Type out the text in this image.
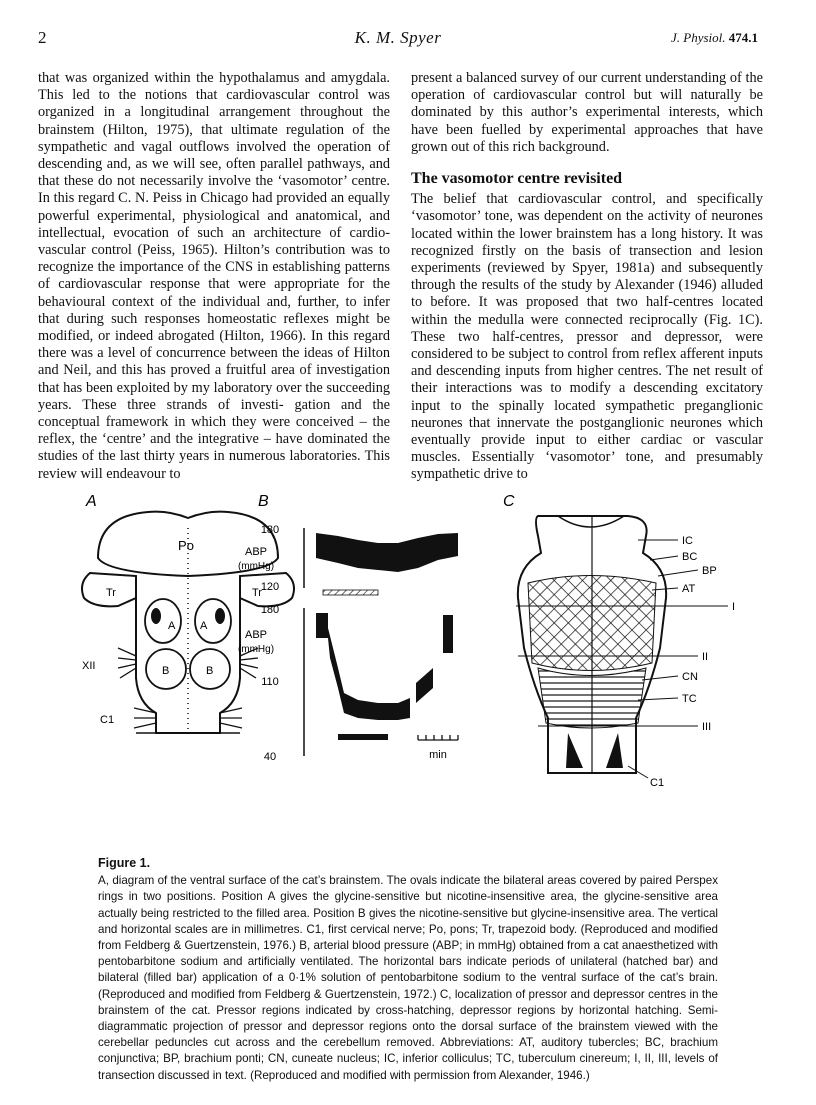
2	K. M. Spyer	J. Physiol. 474.1

that was organized within the hypothalamus and amygdala. This led to the notions that cardiovascular control was organized in a longitudinal arrangement throughout the brainstem (Hilton, 1975), that ultimate regulation of the sympathetic and vagal outflows involved the operation of descending and, as we will see, often parallel pathways, and that these do not necessarily involve the ‘vasomotor’ centre. In this regard C. N. Peiss in Chicago had provided an equally powerful experimental, physiological and anatomical, and intellectual, evocation of such an architecture of cardio- vascular control (Peiss, 1965). Hilton’s contribution was to recognize the importance of the CNS in establishing patterns of cardiovascular response that were appropriate for the behavioural context of the individual and, further, to infer that during such responses homeostatic reflexes might be modified, or indeed abrogated (Hilton, 1966). In this regard there was a level of concurrence between the ideas of Hilton and Neil, and this has proved a fruitful area of investigation that has been exploited by my laboratory over the succeeding years. These three strands of investi- gation and the conceptual framework in which they were conceived – the reflex, the ‘centre’ and the integrative – have dominated the studies of the last thirty years in numerous laboratories. This review will endeavour to

present a balanced survey of our current understanding of the operation of cardiovascular control but will naturally be dominated by this author’s experimental interests, which have been fuelled by experimental approaches that have grown out of this rich background.

The vasomotor centre revisited

The belief that cardiovascular control, and specifically ‘vasomotor’ tone, was dependent on the activity of neurones located within the lower brainstem has a long history. It was recognized firstly on the basis of transection and lesion experiments (reviewed by Spyer, 1981a) and subsequently through the results of the study by Alexander (1946) alluded to before. It was proposed that two half-centres located within the medulla were connected reciprocally (Fig. 1C). These two half-centres, pressor and depressor, were considered to be subject to control from reflex afferent inputs and descending inputs from higher centres. The net result of their interactions was to modify a descending excitatory input to the spinally located sympathetic preganglionic neurones that innervate the postganglionic neurones which eventually provide input to either cardiac or vascular muscles. Essentially ‘vasomotor’ tone, and presumably sympathetic drive to

A
Po
Tr	Tr
A A
B	B
XII
C1
B
180
120
ABP
(mmHg)
180
110
40
ABP
(mmHg)
min
C
IC
BC
BP
AT
I
II
CN
TC
III
C1
Figure 1.
A, diagram of the ventral surface of the cat’s brainstem. The ovals indicate the bilateral areas covered by paired Perspex rings in two positions. Position A gives the glycine-sensitive but nicotine-insensitive area, the glycine-sensitive area actually being restricted to the filled area. Position B gives the nicotine-sensitive but glycine-insensitive area. The vertical and horizontal scales are in millimetres. C1, first cervical nerve; Po, pons; Tr, trapezoid body. (Reproduced and modified from Feldberg & Guertzenstein, 1976.) B, arterial blood pressure (ABP; in mmHg) obtained from a cat anaesthetized with pentobarbitone sodium and artificially ventilated. The horizontal bars indicate periods of unilateral (hatched bar) and bilateral (filled bar) application of a 0·1% solution of pentobarbitone sodium to the ventral surface of the cat’s brain. (Reproduced and modified from Feldberg & Guertzenstein, 1972.) C, localization of pressor and depressor centres in the brainstem of the cat. Pressor regions indicated by cross-hatching, depressor regions by horizontal hatching. Semi-diagrammatic projection of pressor and depressor regions onto the dorsal surface of the brainstem viewed with the cerebellar peduncles cut across and the cerebellum removed. Abbreviations: AT, auditory tubercles; BC, brachium conjunctiva; BP, brachium ponti; CN, cuneate nucleus; IC, inferior colliculus; TC, tuberculum cinereum; I, II, III, levels of transection discussed in text. (Reproduced and modified with permission from Alexander, 1946.)
